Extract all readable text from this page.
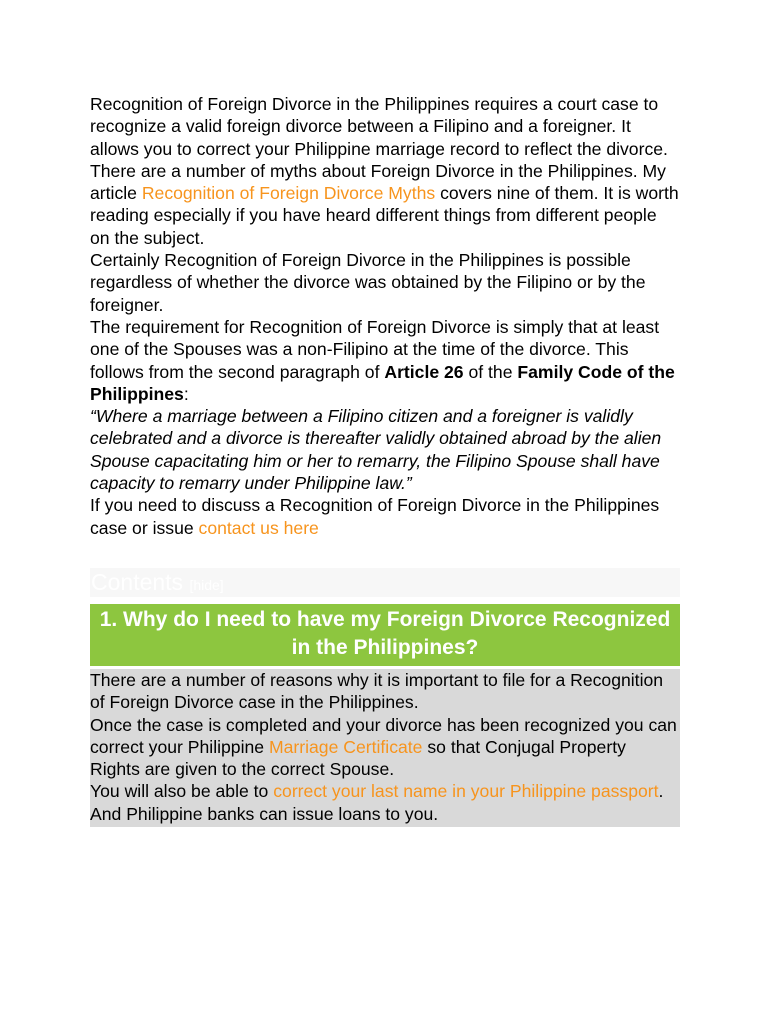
Recognition of Foreign Divorce in the Philippines requires a court case to recognize a valid foreign divorce between a Filipino and a foreigner. It allows you to correct your Philippine marriage record to reflect the divorce.

There are a number of myths about Foreign Divorce in the Philippines. My article Recognition of Foreign Divorce Myths covers nine of them. It is worth reading especially if you have heard different things from different people on the subject.

Certainly Recognition of Foreign Divorce in the Philippines is possible regardless of whether the divorce was obtained by the Filipino or by the foreigner.

The requirement for Recognition of Foreign Divorce is simply that at least one of the Spouses was a non-Filipino at the time of the divorce. This follows from the second paragraph of Article 26 of the Family Code of the Philippines:

“Where a marriage between a Filipino citizen and a foreigner is validly celebrated and a divorce is thereafter validly obtained abroad by the alien Spouse capacitating him or her to remarry, the Filipino Spouse shall have capacity to remarry under Philippine law.”

If you need to discuss a Recognition of Foreign Divorce in the Philippines case or issue contact us here

Contents [hide]
1. Why do I need to have my Foreign Divorce Recognized in the Philippines?

There are a number of reasons why it is important to file for a Recognition of Foreign Divorce case in the Philippines.

Once the case is completed and your divorce has been recognized you can correct your Philippine Marriage Certificate so that Conjugal Property Rights are given to the correct Spouse.

You will also be able to correct your last name in your Philippine passport.

And Philippine banks can issue loans to you.
